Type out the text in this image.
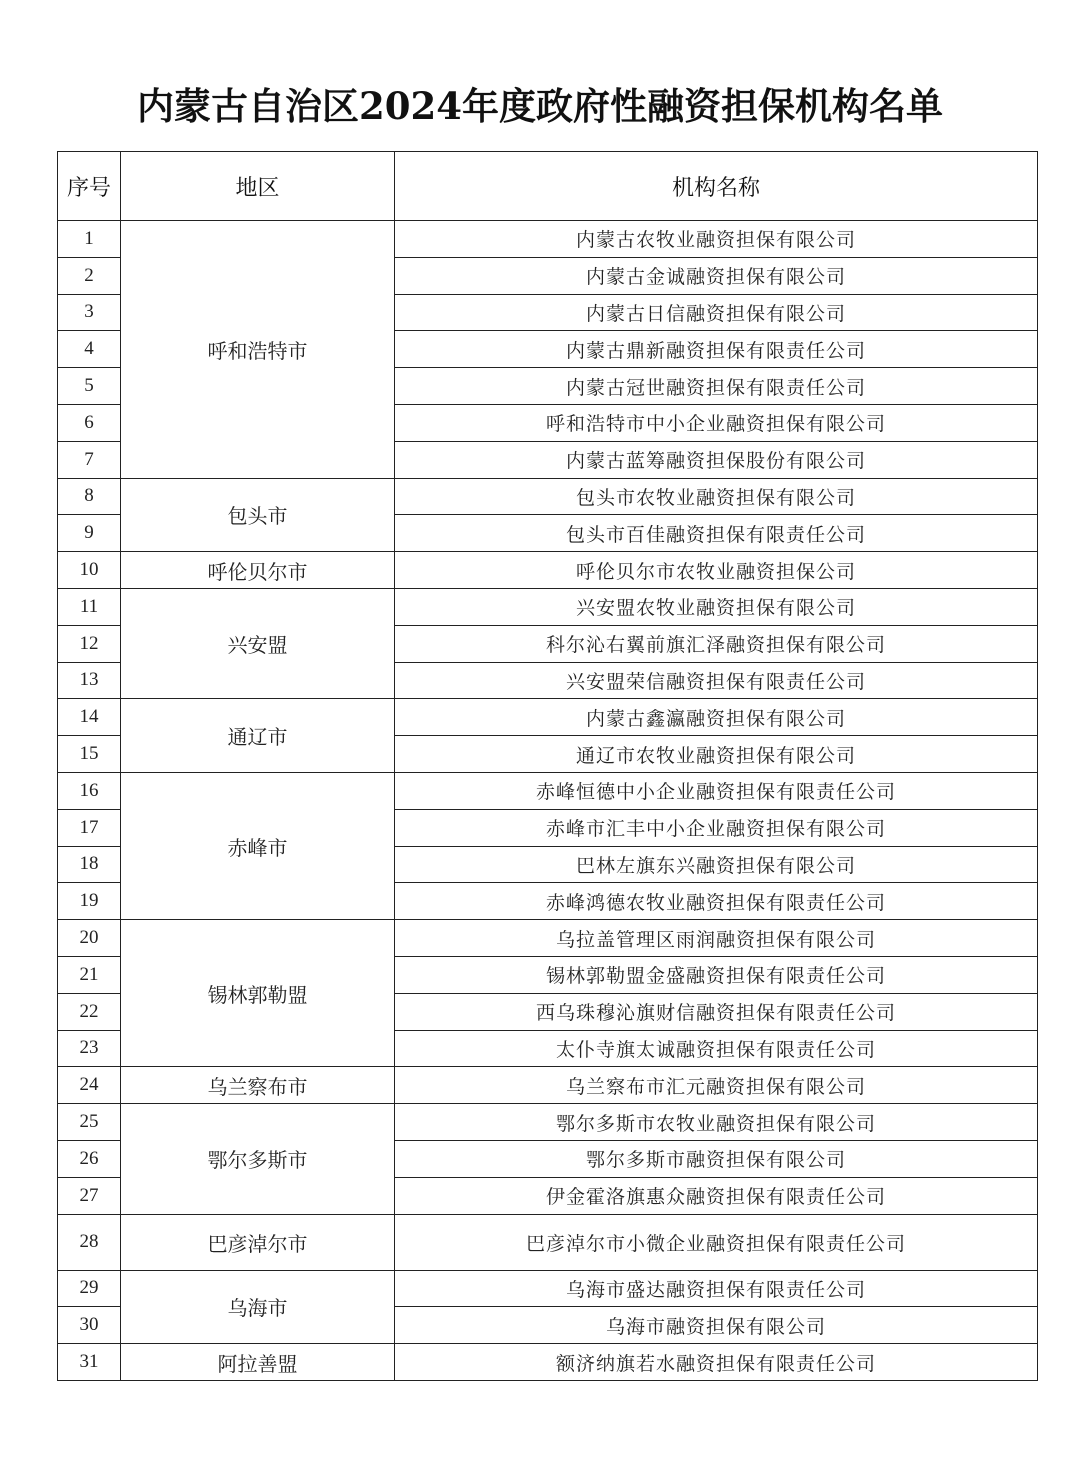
内蒙古自治区2024年度政府性融资担保机构名单
序号	地区	机构名称
1	呼和浩特市	内蒙古农牧业融资担保有限公司
2		内蒙古金诚融资担保有限公司
3		内蒙古日信融资担保有限公司
4		内蒙古鼎新融资担保有限责任公司
5		内蒙古冠世融资担保有限责任公司
6		呼和浩特市中小企业融资担保有限公司
7		内蒙古蓝筹融资担保股份有限公司
8	包头市	包头市农牧业融资担保有限公司
9		包头市百佳融资担保有限责任公司
10	呼伦贝尔市	呼伦贝尔市农牧业融资担保公司
11	兴安盟	兴安盟农牧业融资担保有限公司
12		科尔沁右翼前旗汇泽融资担保有限公司
13		兴安盟荣信融资担保有限责任公司
14	通辽市	内蒙古鑫瀛融资担保有限公司
15		通辽市农牧业融资担保有限公司
16	赤峰市	赤峰恒德中小企业融资担保有限责任公司
17		赤峰市汇丰中小企业融资担保有限公司
18		巴林左旗东兴融资担保有限公司
19		赤峰鸿德农牧业融资担保有限责任公司
20	锡林郭勒盟	乌拉盖管理区雨润融资担保有限公司
21		锡林郭勒盟金盛融资担保有限责任公司
22		西乌珠穆沁旗财信融资担保有限责任公司
23		太仆寺旗太诚融资担保有限责任公司
24	乌兰察布市	乌兰察布市汇元融资担保有限公司
25	鄂尔多斯市	鄂尔多斯市农牧业融资担保有限公司
26		鄂尔多斯市融资担保有限公司
27		伊金霍洛旗惠众融资担保有限责任公司
28	巴彦淖尔市	巴彦淖尔市小微企业融资担保有限责任公司
29	乌海市	乌海市盛达融资担保有限责任公司
30		乌海市融资担保有限公司
31	阿拉善盟	额济纳旗若水融资担保有限责任公司
